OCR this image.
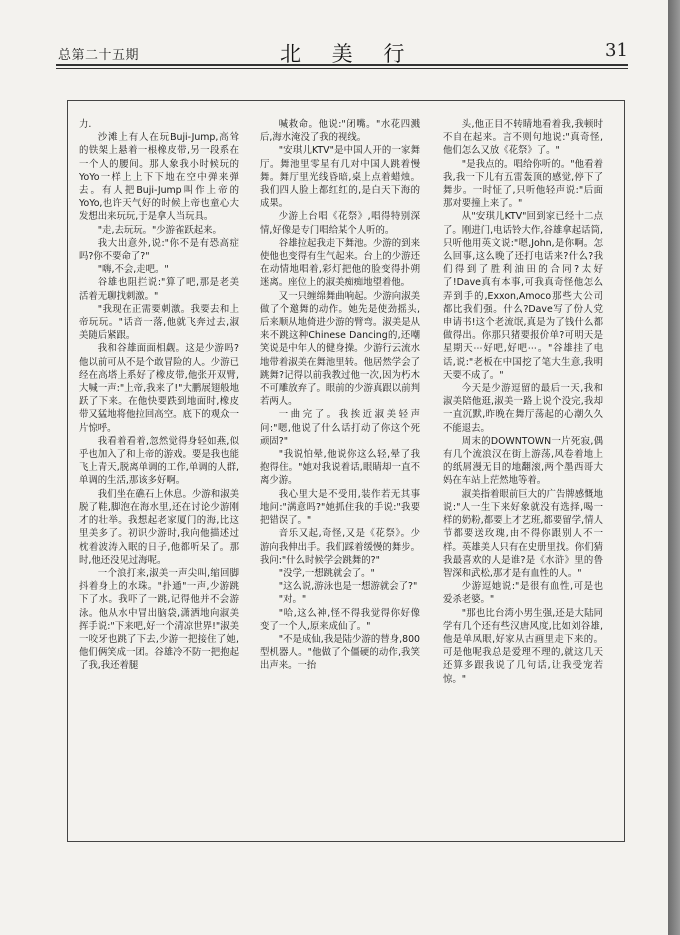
总第二十五期	北 美 行	31

力.

沙滩上有人在玩Buji-Jump,高耸的铁架上悬着一根橡皮带,另一段系在一个人的腰间。那人象我小时候玩的YoYo一样上上下下地在空中弹来弹去。有人把Buji-Jump叫作上帝的YoYo,也许天气好的时候上帝也童心大发想出来玩玩,于是拿人当玩具。

"走,去玩玩。"少游雀跃起来。

我大出意外,说:"你不是有恐高症吗?你不要命了?"

"嗨,不会,走吧。"

谷雄也阻拦说:"算了吧,那是老美活着无聊找刺激。"

"我现在正需要刺激。我要去和上帝玩玩。"话音一落,他就飞奔过去,淑美随后紧跟。

我和谷雄面面相觑。这是少游吗?他以前可从不是个敢冒险的人。少游已经在高塔上系好了橡皮带,他张开双臂,大喊一声:"上帝,我来了!"大鹏展翅般地跃了下来。在他快要跌到地面时,橡皮带又猛地将他拉回高空。底下的观众一片惊呼。

我看着看着,忽然觉得身轻如燕,似乎也加入了和上帝的游戏。要是我也能飞上青天,脱离单调的工作,单调的人群,单调的生活,那该多好啊。

我们坐在礁石上休息。少游和淑美脱了鞋,脚泡在海水里,还在讨论少游刚才的壮举。我想起老家厦门的海,比这里美多了。初识少游时,我向他描述过枕着波涛入眠的日子,他都听呆了。那时,他还没见过海呢。

一个浪打来,淑美一声尖叫,缩回脚抖着身上的水珠。"扑通"一声,少游跳下了水。我吓了一跳,记得他并不会游泳。他从水中冒出脑袋,潇洒地向淑美挥手说:"下来吧,好一个清凉世界!"淑美一咬牙也跳了下去,少游一把接住了她,他们俩笑成一团。谷雄冷不防一把抱起了我,我还着腿

喊救命。他说:"闭嘴。"水花四溅后,海水淹没了我的视线。

"安琪儿KTV"是中国人开的一家舞厅。舞池里零星有几对中国人跳着慢舞。舞厅里光线昏暗,桌上点着蜡烛。我们四人脸上都红红的,是白天下海的成果。

少游上台唱《花祭》,唱得特别深情,好像是专门唱给某个人听的。

谷雄拉起我走下舞池。少游的到来使他也变得有生气起来。台上的少游还在动情地唱着,彩灯把他的脸变得扑朔迷离。座位上的淑美痴痴地望着他。

又一只缠绵舞曲响起。少游向淑美做了个邀舞的动作。她先是使劲摇头,后来顺从地倚进少游的臂弯。淑美是从来不跳这种Chinese Dancing的,还嘲笑说是中年人的健身操。少游行云流水地带着淑美在舞池里转。他居然学会了跳舞?记得以前我教过他一次,因为朽木不可雕放弃了。眼前的少游真跟以前判若两人。

一曲完了。我挨近淑美轻声问:"嗯,他说了什么话打动了你这个死顽固?"

"我说怕晕,他说你这么轻,晕了我抱得住。"她对我说着话,眼睛却一直不离少游。

我心里大是不受用,装作若无其事地问:"满意吗?"她抓住我的手说:"我要把错误了。"

音乐又起,奇怪,又是《花祭》。少游向我伸出手。我们踩着缓慢的舞步。我问:"什么时候学会跳舞的?"

"没学,一想跳就会了。"

"这么说,游泳也是一想游就会了?"

"对。"

"哈,这么神,怪不得我觉得你好像变了一个人,原来成仙了。"

"不是成仙,我是陆少游的替身,800型机器人。"他做了个僵硬的动作,我笑出声来。一抬

头,他正目不转睛地看着我,我顿时不自在起来。言不则句地说:"真奇怪,他们怎么又放《花祭》了。"

"是我点的。唱给你听的。"他看着我,我一下儿有五雷轰顶的感觉,停下了舞步。一时怔了,只听他轻声说:"后面那对要撞上来了。"

从"安琪儿KTV"回到家已经十二点了。刚进门,电话铃大作,谷雄拿起话筒,只听他用英文说:"嗯,John,是你啊。怎么回事,这么晚了还打电话来?什么?我们得到了胜利油田的合同?太好了!Dave真有本事,可我真奇怪他怎么弄到手的,Exxon,Amoco那些大公司都比我们强。什么?Dave写了份人党申请书!这个老流氓,真是为了钱什么都做得出。你那只猪要报价单?可明天是星期天⋯好吧,好吧⋯。"谷雄挂了电话,说:"老板在中国挖了笔大生意,我明天要不成了。"

今天是少游逗留的最后一天,我和淑美陪他逛,淑美一路上说个没完,我却一直沉默,昨晚在舞厅荡起的心潮久久不能退去。

周末的DOWNTOWN一片死寂,偶有几个流浪汉在街上游荡,风卷着地上的纸屑漫无目的地翻滚,两个墨西哥大妈在车站上茫然地等着。

淑美指着眼前巨大的广告牌感慨地说:"人一生下来好象就没有选择,喝一样的奶粉,都要上才艺班,都要留学,情人节都要送玫瑰,由不得你跟别人不一样。英雄美人只有在史册里找。你们猜我最喜欢的人是谁?是《水浒》里的鲁智深和武松,那才是有血性的人。"

少游逗她说:"是很有血性,可是也爱杀老婆。"

"那也比台湾小男生强,还是大陆同学有几个还有些汉唐风度,比如刘谷雄,他是单凤眼,好家从古画里走下来的。可是他呢我总是爱理不理的,就这几天还算多跟我说了几句话,让我受宠若惊。"
